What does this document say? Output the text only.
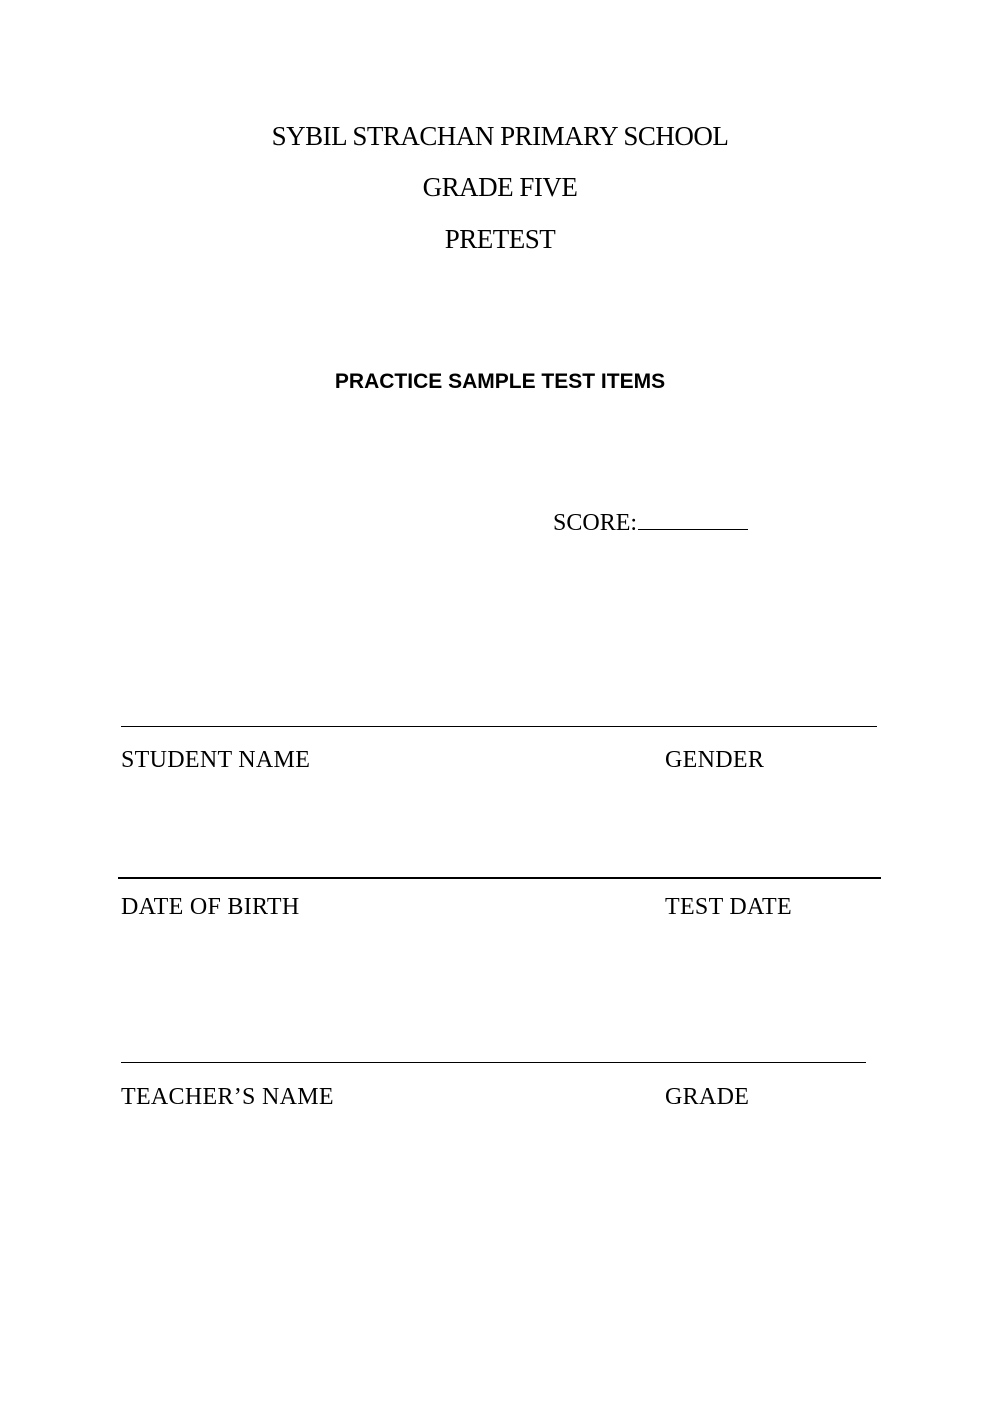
SYBIL STRACHAN PRIMARY SCHOOL
GRADE FIVE
PRETEST
PRACTICE SAMPLE TEST ITEMS
SCORE:
STUDENT NAME	GENDER
DATE OF BIRTH	TEST DATE
TEACHER’S NAME	GRADE
